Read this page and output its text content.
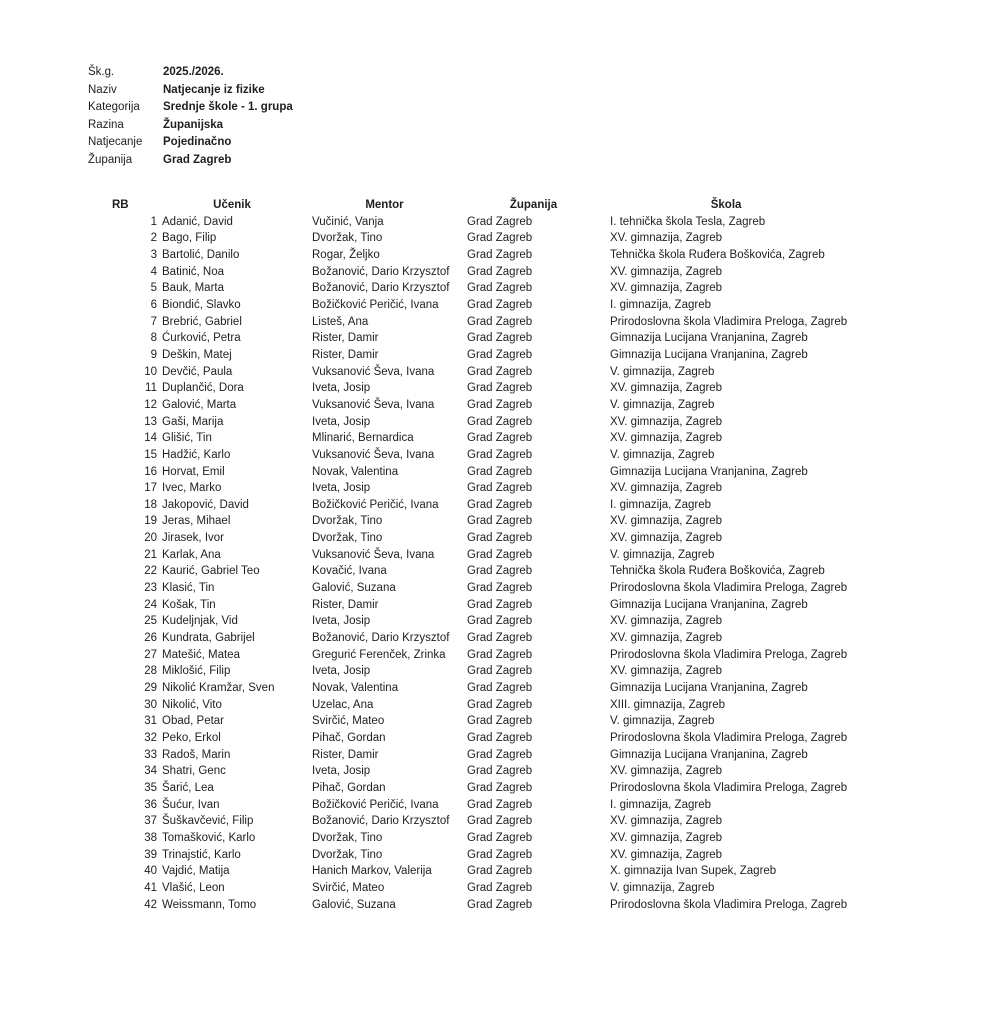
Šk.g.	2025./2026.
Naziv	Natjecanje iz fizike
Kategorija	Srednje škole - 1. grupa
Razina	Županijska
Natjecanje	Pojedinačno
Županija	Grad Zagreb
RB	Učenik	Mentor	Županija	Škola
1	Adanić, David	Vučinić, Vanja	Grad Zagreb	I. tehnička škola Tesla, Zagreb
2	Bago, Filip	Dvoržak, Tino	Grad Zagreb	XV. gimnazija, Zagreb
3	Bartolić, Danilo	Rogar, Željko	Grad Zagreb	Tehnička škola Ruđera Boškovića, Zagreb
4	Batinić, Noa	Božanović, Dario Krzysztof	Grad Zagreb	XV. gimnazija, Zagreb
5	Bauk, Marta	Božanović, Dario Krzysztof	Grad Zagreb	XV. gimnazija, Zagreb
6	Biondić, Slavko	Božičković Peričić, Ivana	Grad Zagreb	I. gimnazija, Zagreb
7	Brebrić, Gabriel	Listeš, Ana	Grad Zagreb	Prirodoslovna škola Vladimira Preloga, Zagreb
8	Ćurković, Petra	Rister, Damir	Grad Zagreb	Gimnazija Lucijana Vranjanina, Zagreb
9	Deškin, Matej	Rister, Damir	Grad Zagreb	Gimnazija Lucijana Vranjanina, Zagreb
10	Devčić, Paula	Vuksanović Ševa, Ivana	Grad Zagreb	V. gimnazija, Zagreb
11	Duplančić, Dora	Iveta, Josip	Grad Zagreb	XV. gimnazija, Zagreb
12	Galović, Marta	Vuksanović Ševa, Ivana	Grad Zagreb	V. gimnazija, Zagreb
13	Gaši, Marija	Iveta, Josip	Grad Zagreb	XV. gimnazija, Zagreb
14	Glišić, Tin	Mlinarić, Bernardica	Grad Zagreb	XV. gimnazija, Zagreb
15	Hadžić, Karlo	Vuksanović Ševa, Ivana	Grad Zagreb	V. gimnazija, Zagreb
16	Horvat, Emil	Novak, Valentina	Grad Zagreb	Gimnazija Lucijana Vranjanina, Zagreb
17	Ivec, Marko	Iveta, Josip	Grad Zagreb	XV. gimnazija, Zagreb
18	Jakopović, David	Božičković Peričić, Ivana	Grad Zagreb	I. gimnazija, Zagreb
19	Jeras, Mihael	Dvoržak, Tino	Grad Zagreb	XV. gimnazija, Zagreb
20	Jirasek, Ivor	Dvoržak, Tino	Grad Zagreb	XV. gimnazija, Zagreb
21	Karlak, Ana	Vuksanović Ševa, Ivana	Grad Zagreb	V. gimnazija, Zagreb
22	Kaurić, Gabriel Teo	Kovačić, Ivana	Grad Zagreb	Tehnička škola Ruđera Boškovića, Zagreb
23	Klasić, Tin	Galović, Suzana	Grad Zagreb	Prirodoslovna škola Vladimira Preloga, Zagreb
24	Košak, Tin	Rister, Damir	Grad Zagreb	Gimnazija Lucijana Vranjanina, Zagreb
25	Kudeljnjak, Vid	Iveta, Josip	Grad Zagreb	XV. gimnazija, Zagreb
26	Kundrata, Gabrijel	Božanović, Dario Krzysztof	Grad Zagreb	XV. gimnazija, Zagreb
27	Matešić, Matea	Gregurić Ferenček, Zrinka	Grad Zagreb	Prirodoslovna škola Vladimira Preloga, Zagreb
28	Miklošić, Filip	Iveta, Josip	Grad Zagreb	XV. gimnazija, Zagreb
29	Nikolić Kramžar, Sven	Novak, Valentina	Grad Zagreb	Gimnazija Lucijana Vranjanina, Zagreb
30	Nikolić, Vito	Uzelac, Ana	Grad Zagreb	XIII. gimnazija, Zagreb
31	Obad, Petar	Svirčić, Mateo	Grad Zagreb	V. gimnazija, Zagreb
32	Peko, Erkol	Pihač, Gordan	Grad Zagreb	Prirodoslovna škola Vladimira Preloga, Zagreb
33	Radoš, Marin	Rister, Damir	Grad Zagreb	Gimnazija Lucijana Vranjanina, Zagreb
34	Shatri, Genc	Iveta, Josip	Grad Zagreb	XV. gimnazija, Zagreb
35	Šarić, Lea	Pihač, Gordan	Grad Zagreb	Prirodoslovna škola Vladimira Preloga, Zagreb
36	Šućur, Ivan	Božičković Peričić, Ivana	Grad Zagreb	I. gimnazija, Zagreb
37	Šuškavčević, Filip	Božanović, Dario Krzysztof	Grad Zagreb	XV. gimnazija, Zagreb
38	Tomašković, Karlo	Dvoržak, Tino	Grad Zagreb	XV. gimnazija, Zagreb
39	Trinajstić, Karlo	Dvoržak, Tino	Grad Zagreb	XV. gimnazija, Zagreb
40	Vajdić, Matija	Hanich Markov, Valerija	Grad Zagreb	X. gimnazija Ivan Supek, Zagreb
41	Vlašić, Leon	Svirčić, Mateo	Grad Zagreb	V. gimnazija, Zagreb
42	Weissmann, Tomo	Galović, Suzana	Grad Zagreb	Prirodoslovna škola Vladimira Preloga, Zagreb
